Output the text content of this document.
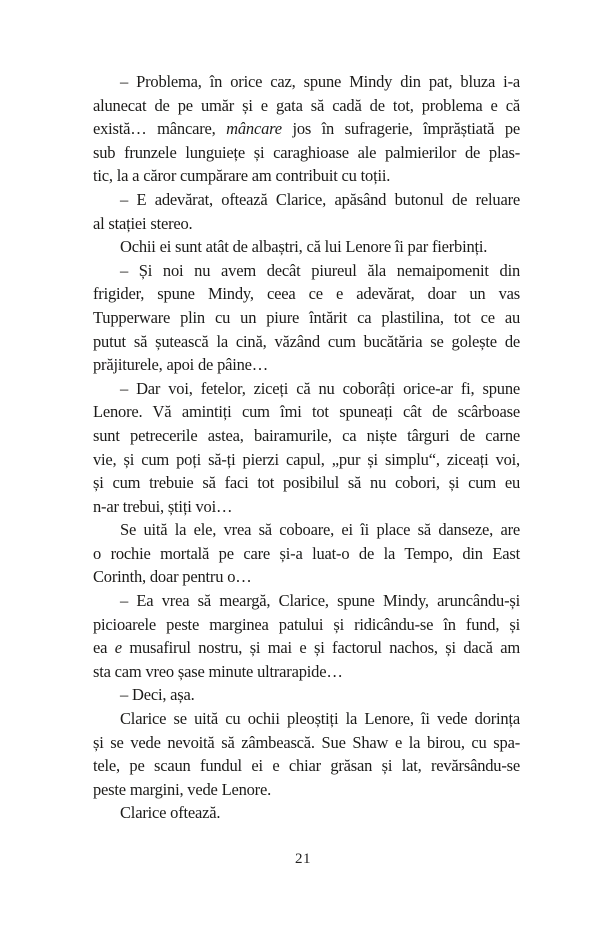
– Problema, în orice caz, spune Mindy din pat, bluza i-a
alunecat de pe umăr și e gata să cadă de tot, problema e că
există… mâncare, mâncare jos în sufragerie, împrăștiată pe
sub frunzele lunguiețe și caraghioase ale palmierilor de plas-
tic, la a căror cumpărare am contribuit cu toții.
– E adevărat, oftează Clarice, apăsând butonul de reluare
al stației stereo.
Ochii ei sunt atât de albaștri, că lui Lenore îi par fierbinți.
– Și noi nu avem decât piureul ăla nemaipomenit din
frigider, spune Mindy, ceea ce e adevărat, doar un vas
Tupperware plin cu un piure întărit ca plastilina, tot ce au
putut să șutească la cină, văzând cum bucătăria se golește de
prăjiturele, apoi de pâine…
– Dar voi, fetelor, ziceți că nu coborâți orice-ar fi, spune
Lenore. Vă amintiți cum îmi tot spuneați cât de scârboase
sunt petrecerile astea, bairamurile, ca niște târguri de carne
vie, și cum poți să-ți pierzi capul, „pur și simplu“, ziceați voi,
și cum trebuie să faci tot posibilul să nu cobori, și cum eu
n-ar trebui, știți voi…
Se uită la ele, vrea să coboare, ei îi place să danseze, are
o rochie mortală pe care și-a luat-o de la Tempo, din East
Corinth, doar pentru o…
– Ea vrea să meargă, Clarice, spune Mindy, aruncându-și
picioarele peste marginea patului și ridicându-se în fund, și
ea e musafirul nostru, și mai e și factorul nachos, și dacă am
sta cam vreo șase minute ultrarapide…
– Deci, așa.
Clarice se uită cu ochii pleoștiți la Lenore, îi vede dorința
și se vede nevoită să zâmbească. Sue Shaw e la birou, cu spa-
tele, pe scaun fundul ei e chiar grăsan și lat, revărsându-se
peste margini, vede Lenore.
Clarice oftează.
21
